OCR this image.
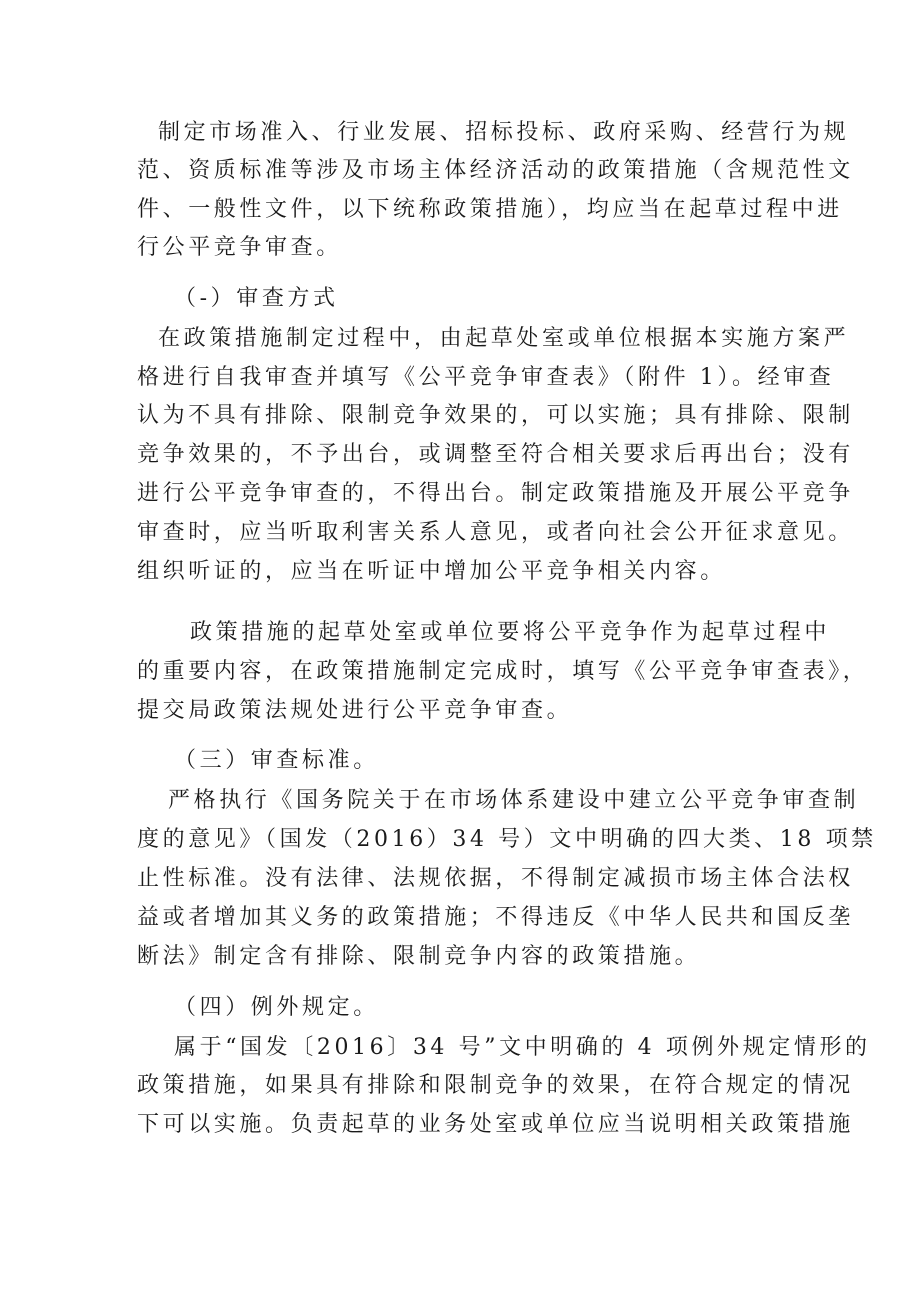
制定市场准入、行业发展、招标投标、政府采购、经营行为规
范、资质标准等涉及市场主体经济活动的政策措施（含规范性文
件、一般性文件，以下统称政策措施），均应当在起草过程中进
行公平竞争审查。
（-）审查方式
在政策措施制定过程中，由起草处室或单位根据本实施方案严
格进行自我审查并填写《公平竞争审查表》（附件 1）。经审查
认为不具有排除、限制竞争效果的，可以实施；具有排除、限制
竞争效果的，不予出台，或调整至符合相关要求后再出台；没有
进行公平竞争审查的，不得出台。制定政策措施及开展公平竞争
审查时，应当听取利害关系人意见，或者向社会公开征求意见。
组织听证的，应当在听证中增加公平竞争相关内容。
政策措施的起草处室或单位要将公平竞争作为起草过程中
的重要内容，在政策措施制定完成时，填写《公平竞争审查表》，
提交局政策法规处进行公平竞争审查。
（三）审查标准。
严格执行《国务院关于在市场体系建设中建立公平竞争审查制
度的意见》（国发（2016）34 号）文中明确的四大类、18 项禁
止性标准。没有法律、法规依据，不得制定减损市场主体合法权
益或者增加其义务的政策措施；不得违反《中华人民共和国反垄
断法》制定含有排除、限制竞争内容的政策措施。
（四）例外规定。
属于“国发〔2016〕34 号”文中明确的 4 项例外规定情形的
政策措施，如果具有排除和限制竞争的效果，在符合规定的情况
下可以实施。负责起草的业务处室或单位应当说明相关政策措施
